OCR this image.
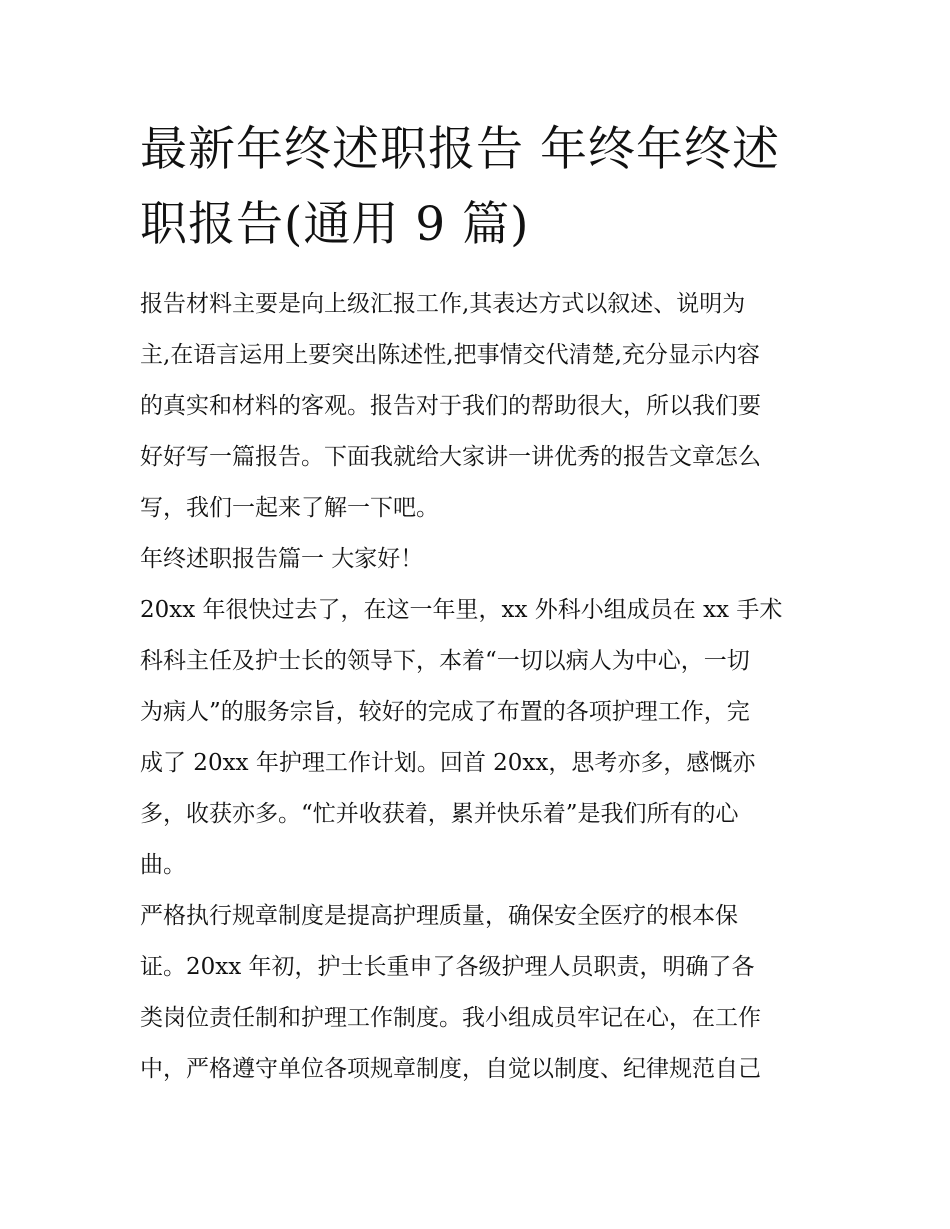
最新年终述职报告 年终年终述
职报告(通用 9 篇)
报告材料主要是向上级汇报工作,其表达方式以叙述、说明为
主,在语言运用上要突出陈述性,把事情交代清楚,充分显示内容
的真实和材料的客观。报告对于我们的帮助很大，所以我们要
好好写一篇报告。下面我就给大家讲一讲优秀的报告文章怎么
写，我们一起来了解一下吧。
年终述职报告篇一 大家好！
20xx 年很快过去了，在这一年里，xx 外科小组成员在 xx 手术
科科主任及护士长的领导下，本着“一切以病人为中心，一切
为病人”的服务宗旨，较好的完成了布置的各项护理工作，完
成了 20xx 年护理工作计划。回首 20xx，思考亦多，感慨亦
多，收获亦多。“忙并收获着，累并快乐着”是我们所有的心
曲。
严格执行规章制度是提高护理质量，确保安全医疗的根本保
证。20xx 年初，护士长重申了各级护理人员职责，明确了各
类岗位责任制和护理工作制度。我小组成员牢记在心，在工作
中，严格遵守单位各项规章制度，自觉以制度、纪律规范自己
